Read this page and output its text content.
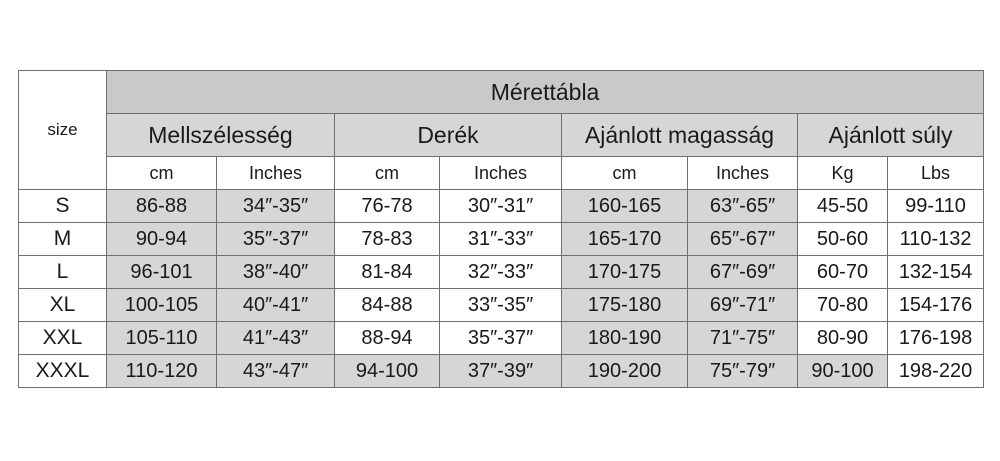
size	Mérettábla							
	Mellszélesség		Derék		Ajánlott magasság		Ajánlott súly	
	cm	Inches	cm	Inches	cm	Inches	Kg	Lbs
S	86-88	34″-35″	76-78	30″-31″	160-165	63″-65″	45-50	99-110
M	90-94	35″-37″	78-83	31″-33″	165-170	65″-67″	50-60	110-132
L	96-101	38″-40″	81-84	32″-33″	170-175	67″-69″	60-70	132-154
XL	100-105	40″-41″	84-88	33″-35″	175-180	69″-71″	70-80	154-176
XXL	105-110	41″-43″	88-94	35″-37″	180-190	71″-75″	80-90	176-198
XXXL	110-120	43″-47″	94-100	37″-39″	190-200	75″-79″	90-100	198-220
